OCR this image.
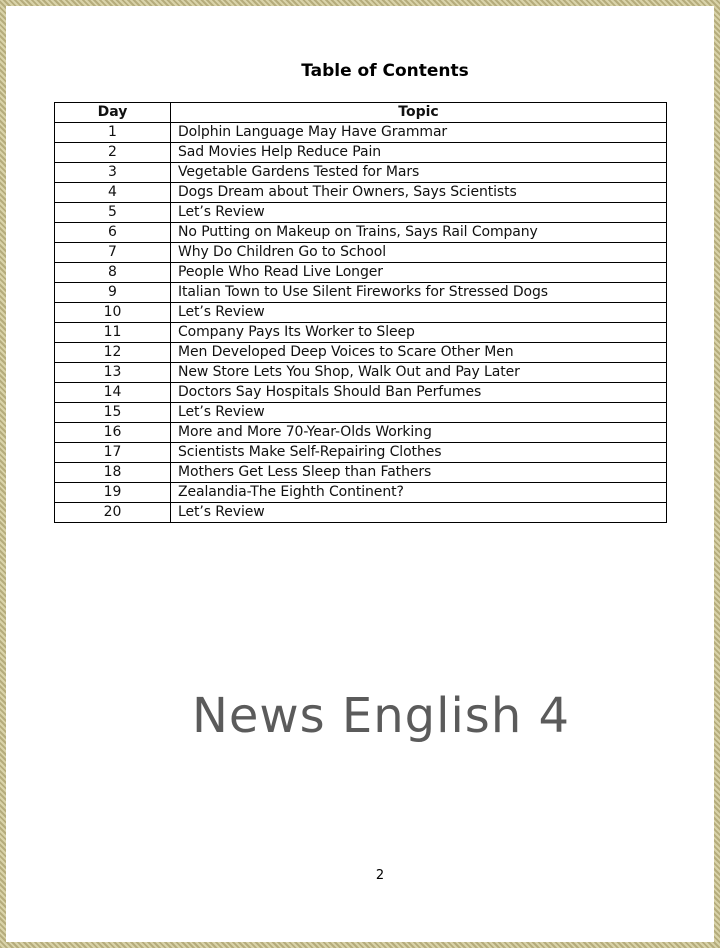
Table of Contents
Day	Topic
1	Dolphin Language May Have Grammar
2	Sad Movies Help Reduce Pain
3	Vegetable Gardens Tested for Mars
4	Dogs Dream about Their Owners, Says Scientists
5	Let’s Review
6	No Putting on Makeup on Trains, Says Rail Company
7	Why Do Children Go to School
8	People Who Read Live Longer
9	Italian Town to Use Silent Fireworks for Stressed Dogs
10	Let’s Review
11	Company Pays Its Worker to Sleep
12	Men Developed Deep Voices to Scare Other Men
13	New Store Lets You Shop, Walk Out and Pay Later
14	Doctors Say Hospitals Should Ban Perfumes
15	Let’s Review
16	More and More 70-Year-Olds Working
17	Scientists Make Self-Repairing Clothes
18	Mothers Get Less Sleep than Fathers
19	Zealandia-The Eighth Continent?
20	Let’s Review
News English 4
2
